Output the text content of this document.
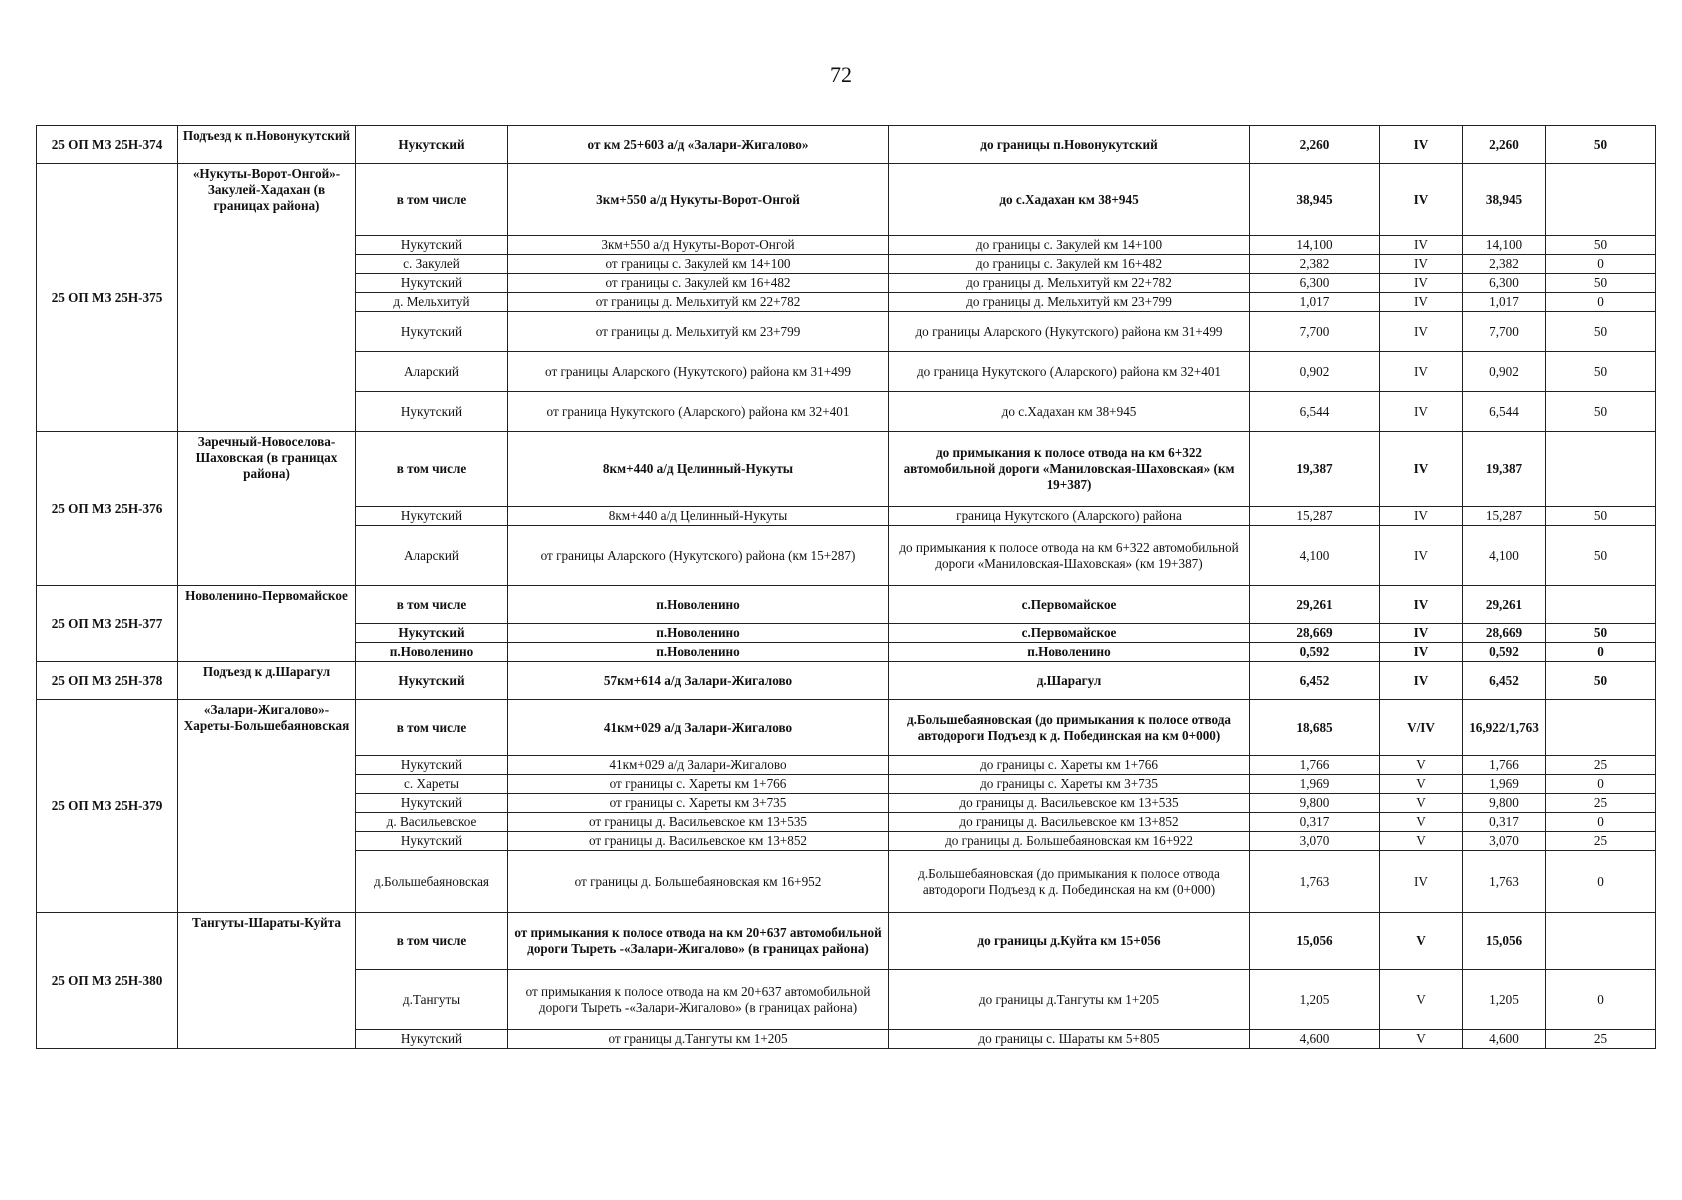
72
25 ОП МЗ 25Н-374	Подъезд к п.Новонукутский	Нукутский	от км 25+603 а/д «Залари-Жигалово»	до границы п.Новонукутский	2,260	IV	2,260	50
25 ОП МЗ 25Н-375	«Нукуты-Ворот-Онгой»-Закулей-Хадахан (в границах района)	в том числе	3км+550 а/д Нукуты-Ворот-Онгой	до с.Хадахан км 38+945	38,945	IV	38,945	
		Нукутский	3км+550 а/д Нукуты-Ворот-Онгой	до границы с. Закулей км 14+100	14,100	IV	14,100	50
		с. Закулей	от границы с. Закулей км 14+100	до границы с. Закулей км 16+482	2,382	IV	2,382	0
		Нукутский	от границы с. Закулей км 16+482	до границы д. Мельхитуй км 22+782	6,300	IV	6,300	50
		д. Мельхитуй	от границы д. Мельхитуй км 22+782	до границы д. Мельхитуй км 23+799	1,017	IV	1,017	0
		Нукутский	от границы д. Мельхитуй км 23+799	до границы Аларского (Нукутского) района км 31+499	7,700	IV	7,700	50
		Аларский	от границы Аларского (Нукутского) района км 31+499	до граница Нукутского (Аларского) района км 32+401	0,902	IV	0,902	50
		Нукутский	от граница Нукутского (Аларского) района км 32+401	до с.Хадахан км 38+945	6,544	IV	6,544	50
25 ОП МЗ 25Н-376	Заречный-Новоселова-Шаховская (в границах района)	в том числе	8км+440 а/д Целинный-Нукуты	до примыкания к полосе отвода на км 6+322 автомобильной дороги «Маниловская-Шаховская» (км 19+387)	19,387	IV	19,387	
		Нукутский	8км+440 а/д Целинный-Нукуты	граница Нукутского (Аларского) района	15,287	IV	15,287	50
		Аларский	от границы Аларского (Нукутского) района (км 15+287)	до примыкания к полосе отвода на км 6+322 автомобильной дороги «Маниловская-Шаховская» (км 19+387)	4,100	IV	4,100	50
25 ОП МЗ 25Н-377	Новоленино-Первомайское	в том числе	п.Новоленино	с.Первомайское	29,261	IV	29,261	
		Нукутский	п.Новоленино	с.Первомайское	28,669	IV	28,669	50
		п.Новоленино	п.Новоленино	п.Новоленино	0,592	IV	0,592	0
25 ОП МЗ 25Н-378	Подъезд к д.Шарагул	Нукутский	57км+614 а/д Залари-Жигалово	д.Шарагул	6,452	IV	6,452	50
25 ОП МЗ 25Н-379	«Залари-Жигалово»-Хареты-Большебаяновская	в том числе	41км+029 а/д Залари-Жигалово	д.Большебаяновская (до примыкания к полосе отвода автодороги Подъезд к д. Побединская на км 0+000)	18,685	V/IV	16,922/1,763	
		Нукутский	41км+029 а/д Залари-Жигалово	до границы с. Хареты км 1+766	1,766	V	1,766	25
		с. Хареты	от границы с. Хареты км 1+766	до границы с. Хареты км 3+735	1,969	V	1,969	0
		Нукутский	от границы с. Хареты км 3+735	до границы д. Васильевское км 13+535	9,800	V	9,800	25
		д. Васильевское	от границы д. Васильевское км 13+535	до границы д. Васильевское км 13+852	0,317	V	0,317	0
		Нукутский	от границы д. Васильевское км 13+852	до границы д. Большебаяновская км 16+922	3,070	V	3,070	25
		д.Большебаяновская	от границы д. Большебаяновская км 16+952	д.Большебаяновская (до примыкания к полосе отвода автодороги Подъезд к д. Побединская на км (0+000)	1,763	IV	1,763	0
25 ОП МЗ 25Н-380	Тангуты-Шараты-Куйта	в том числе	от примыкания к полосе отвода на км 20+637 автомобильной дороги Тыреть -«Залари-Жигалово» (в границах района)	до границы д.Куйта км 15+056	15,056	V	15,056	
		д.Тангуты	от примыкания к полосе отвода на км 20+637 автомобильной дороги Тыреть -«Залари-Жигалово» (в границах района)	до границы д.Тангуты км 1+205	1,205	V	1,205	0
		Нукутский	от границы д.Тангуты км 1+205	до границы с. Шараты км 5+805	4,600	V	4,600	25
